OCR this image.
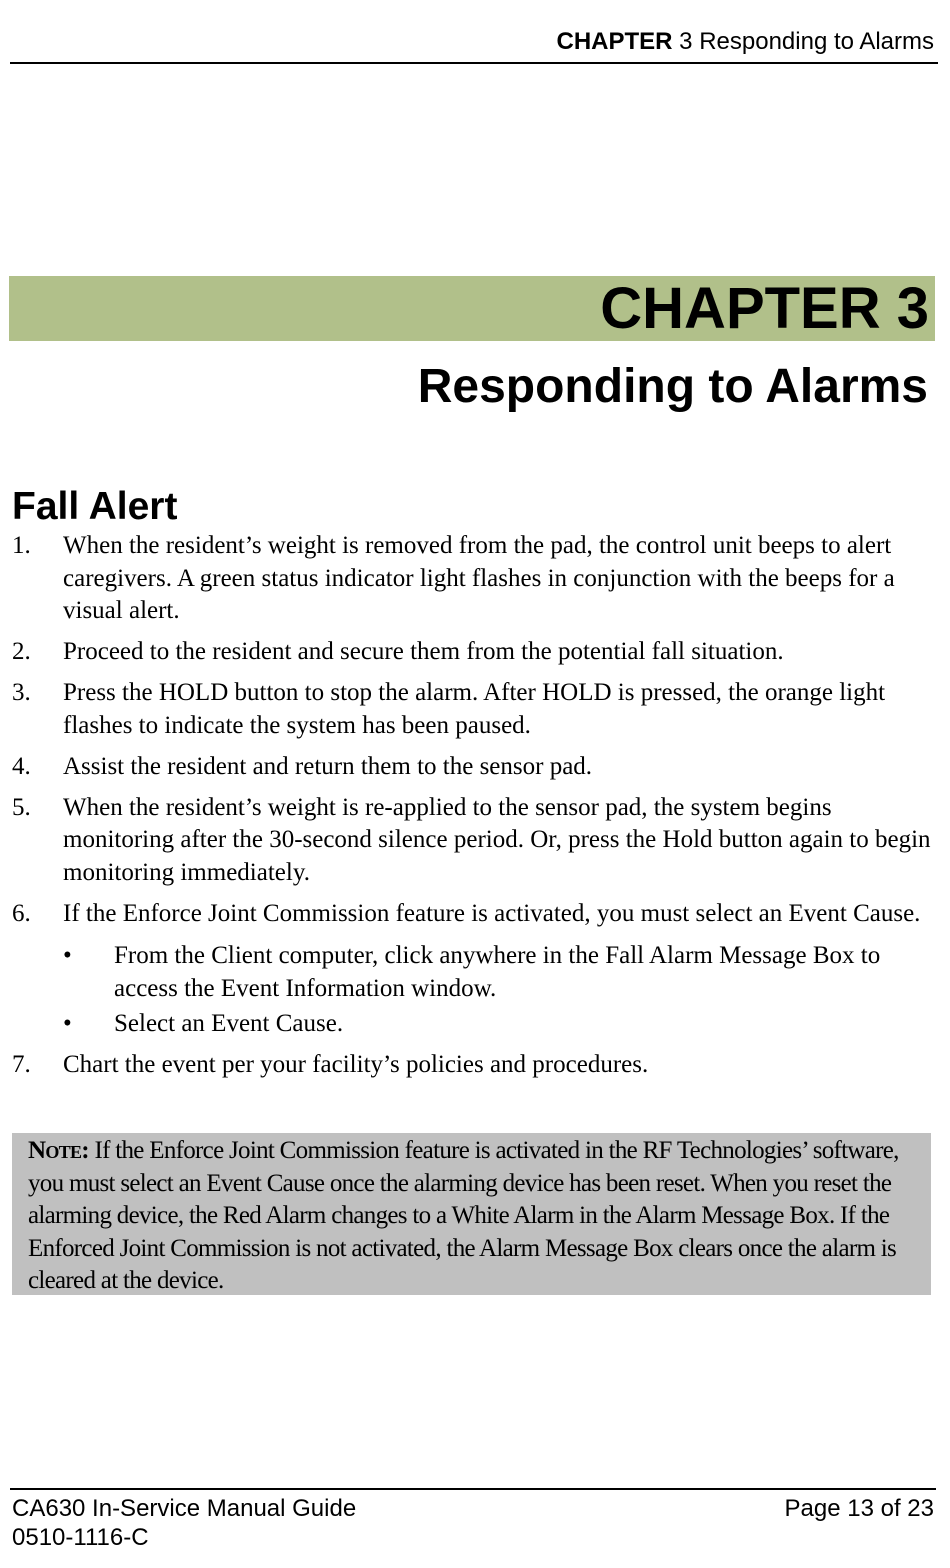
CHAPTER 3 Responding to Alarms
CHAPTER 3
Responding to Alarms
Fall Alert
1. When the resident’s weight is removed from the pad, the control unit beeps to alert caregivers. A green status indicator light flashes in conjunction with the beeps for a visual alert.
2. Proceed to the resident and secure them from the potential fall situation.
3. Press the HOLD button to stop the alarm. After HOLD is pressed, the orange light flashes to indicate the system has been paused.
4. Assist the resident and return them to the sensor pad.
5. When the resident’s weight is re-applied to the sensor pad, the system begins monitoring after the 30-second silence period. Or, press the Hold button again to begin monitoring immediately.
6. If the Enforce Joint Commission feature is activated, you must select an Event Cause.
• From the Client computer, click anywhere in the Fall Alarm Message Box to access the Event Information window.
• Select an Event Cause.
7. Chart the event per your facility’s policies and procedures.
Note: If the Enforce Joint Commission feature is activated in the RF Technologies’ software, you must select an Event Cause once the alarming device has been reset. When you reset the alarming device, the Red Alarm changes to a White Alarm in the Alarm Message Box. If the Enforced Joint Commission is not activated, the Alarm Message Box clears once the alarm is cleared at the device.
CA630 In-Service Manual Guide	Page 13 of 23
0510-1116-C
